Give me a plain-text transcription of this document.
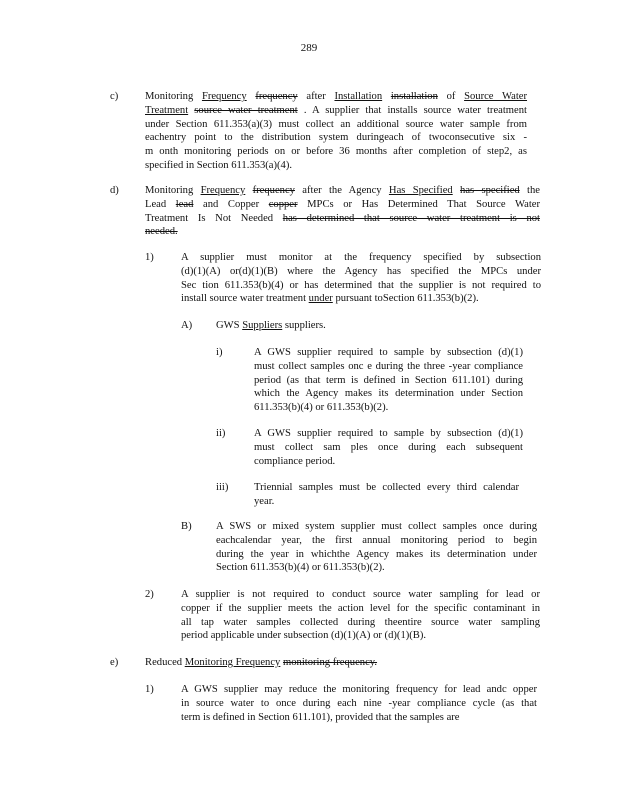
289
c)	Monitoring Frequency frequency after Installation installation of Source Water
Treatment source water treatment . A supplier that installs source water treatment
under Section 611.353(a)(3) must collect an additional source water sample from
eachentry point to the distribution system duringeach of twoconsecutive six -
m onth monitoring periods on or before 36 months after completion of step2, as
specified in Section 611.353(a)(4).
d) Monitoring Frequency frequency after the Agency Has Specified has specified the
Lead lead and Copper copper MPCs or Has Determined That Source Water
Treatment Is Not Needed has determined that source water treatment is not
needed.
1)	A supplier must monitor at the frequency specified by subsection
(d)(1)(A) or(d)(1)(B) where the Agency has specified the MPCs under
Sec tion 611.353(b)(4) or has determined that the supplier is not required to
install source water treatment under pursuant toSection 611.353(b)(2).
A) GWS Suppliers suppliers.
i)	A GWS supplier required to sample by subsection (d)(1)
must collect samples onc e during the three -year compliance
period (as that term is defined in Section 611.101) during
which the Agency makes its determination under Section
611.353(b)(4) or 611.353(b)(2).
ii)	A GWS supplier required to sample by subsection (d)(1)
must collect sam ples once during each subsequent
compliance period.
iii) Triennial samples must be collected every third calendar
year.
B) A SWS or mixed system supplier must collect samples once during
eachcalendar year, the first annual monitoring period to begin
during the year in whichthe Agency makes its determination under
Section 611.353(b)(4) or 611.353(b)(2).
2)	A supplier is not required to conduct source water sampling for lead or
copper if the supplier meets the action level for the specific contaminant in
all tap water samples collected during theentire source water sampling
period applicable under subsection (d)(1)(A) or (d)(1)(B).
e)	Reduced Monitoring Frequency monitoring frequency.
1)	A GWS supplier may reduce the monitoring frequency for lead andc opper
in source water to once during each nine -year compliance cycle (as that
term is defined in Section 611.101), provided that the samples are
